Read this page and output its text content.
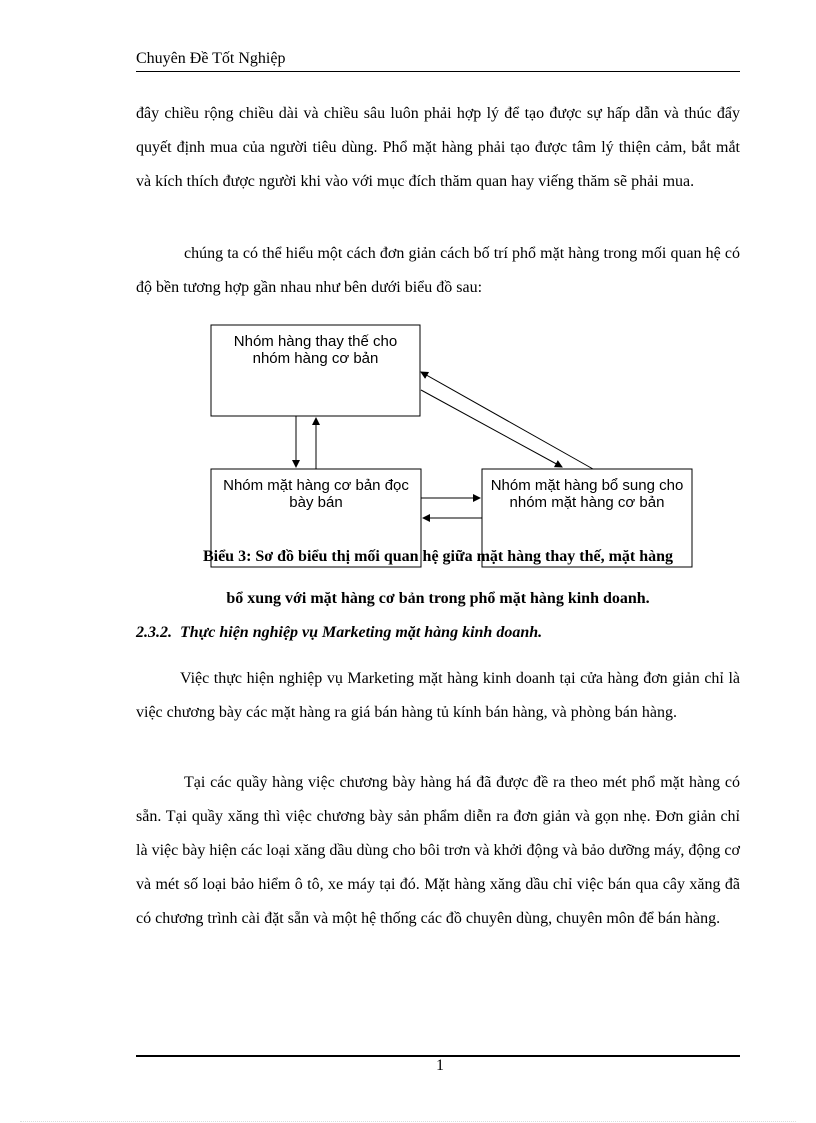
Chuyên Đề Tốt Nghiệp

đây chiều rộng chiều dài và chiều sâu luôn phải hợp lý để tạo được sự hấp dẫn và thúc đẩy quyết định mua của người tiêu dùng. Phổ mặt hàng phải tạo được tâm lý thiện cảm, bắt mắt và kích thích được người khi vào với mục đích thăm quan hay viếng thăm sẽ phải mua.

chúng ta có thể hiểu một cách đơn giản cách bố trí phổ mặt hàng trong mối quan hệ có độ bền tương hợp gần nhau như bên dưới biểu đồ sau:

Nhóm hàng thay thế cho nhóm hàng cơ bản
Nhóm mặt hàng cơ bản đọc bày bán
Nhóm mặt hàng bổ sung cho nhóm mặt hàng cơ bản
Biểu 3: Sơ đồ biểu thị mối quan hệ giữa mặt hàng thay thế, mặt hàng
bổ xung với mặt hàng cơ bản trong phổ mặt hàng kinh doanh.
2.3.2. Thực hiện nghiệp vụ Marketing mặt hàng kinh doanh.

Việc thực hiện nghiệp vụ Marketing mặt hàng kinh doanh tại cửa hàng đơn giản chỉ là việc chương bày các mặt hàng ra giá bán hàng tủ kính bán hàng, và phòng bán hàng.

Tại các quầy hàng việc chương bày hàng há đã được đề ra theo mét phổ mặt hàng có sẵn. Tại quầy xăng thì việc chương bày sản phẩm diễn ra đơn giản và gọn nhẹ. Đơn giản chỉ là việc bày hiện các loại xăng dầu dùng cho bôi trơn và khởi động và bảo dưỡng máy, động cơ và mét số loại bảo hiểm ô tô, xe máy tại đó. Mặt hàng xăng dầu chỉ việc bán qua cây xăng đã có chương trình cài đặt sẵn và một hệ thống các đồ chuyên dùng, chuyên môn để bán hàng.

1
